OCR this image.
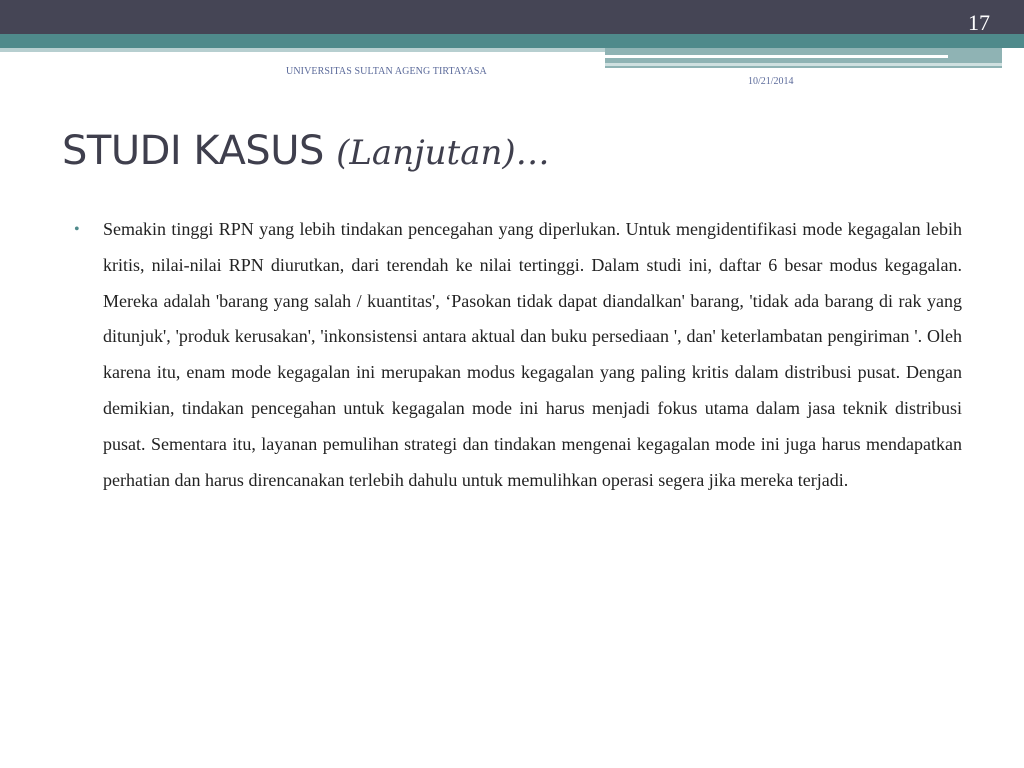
17
UNIVERSITAS SULTAN AGENG TIRTAYASA
10/21/2014
STUDI KASUS (Lanjutan)…
• Semakin tinggi RPN yang lebih tindakan pencegahan yang diperlukan. Untuk mengidentifikasi mode kegagalan lebih kritis, nilai-nilai RPN diurutkan, dari terendah ke nilai tertinggi. Dalam studi ini, daftar 6 besar modus kegagalan. Mereka adalah 'barang yang salah / kuantitas', ‘Pasokan tidak dapat diandalkan' barang, 'tidak ada barang di rak yang ditunjuk', 'produk kerusakan', 'inkonsistensi antara aktual dan buku persediaan ', dan' keterlambatan pengiriman '. Oleh karena itu, enam mode kegagalan ini merupakan modus kegagalan yang paling kritis dalam distribusi pusat. Dengan demikian, tindakan pencegahan untuk kegagalan mode ini harus menjadi fokus utama dalam jasa teknik distribusi pusat. Sementara itu, layanan pemulihan strategi dan tindakan mengenai kegagalan mode ini juga harus mendapatkan perhatian dan harus direncanakan terlebih dahulu untuk memulihkan operasi segera jika mereka terjadi.
